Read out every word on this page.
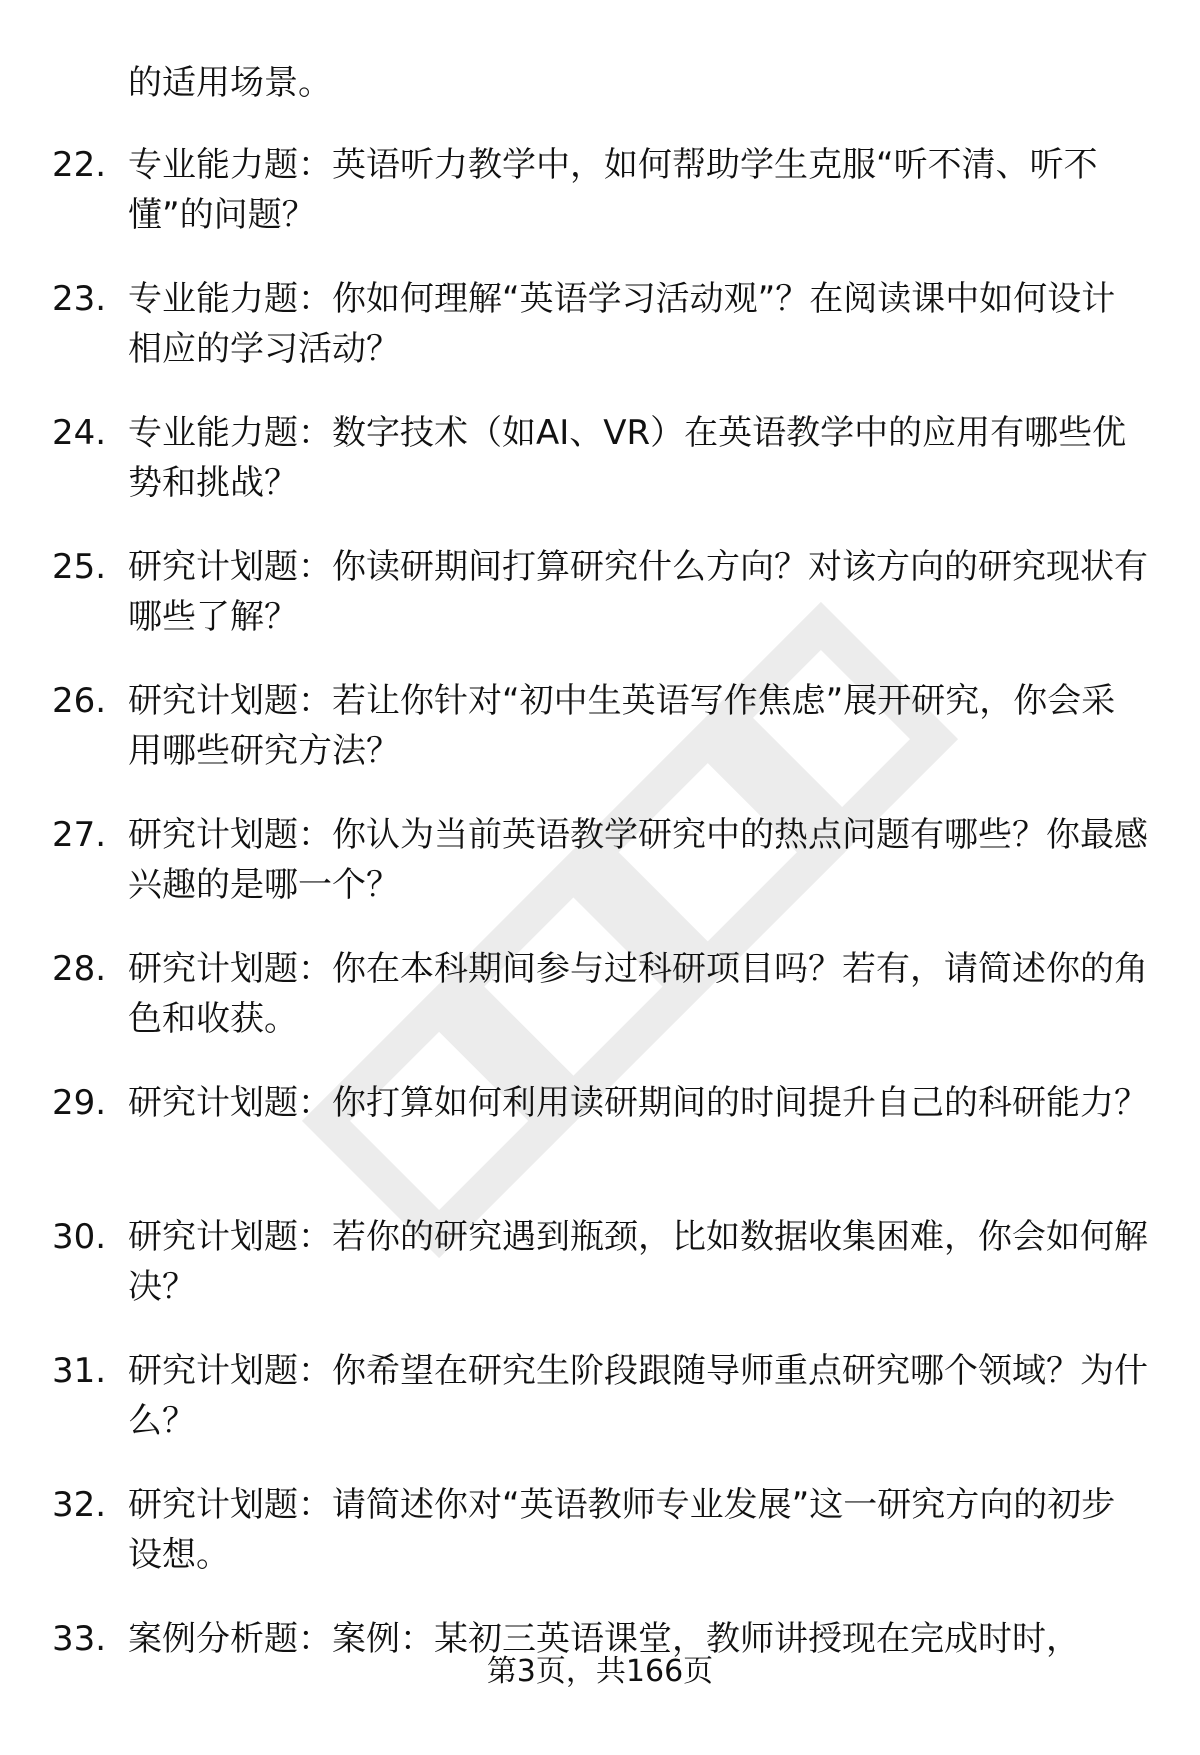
的适用场景。

22. 专业能力题：英语听力教学中，如何帮助学生克服“听不清、听不懂”的问题？

23. 专业能力题：你如何理解“英语学习活动观”？在阅读课中如何设计相应的学习活动？

24. 专业能力题：数字技术（如AI、VR）在英语教学中的应用有哪些优势和挑战？

25. 研究计划题：你读研期间打算研究什么方向？对该方向的研究现状有哪些了解？

26. 研究计划题：若让你针对“初中生英语写作焦虑”展开研究，你会采用哪些研究方法？

27. 研究计划题：你认为当前英语教学研究中的热点问题有哪些？你最感兴趣的是哪一个？

28. 研究计划题：你在本科期间参与过科研项目吗？若有，请简述你的角色和收获。

29. 研究计划题：你打算如何利用读研期间的时间提升自己的科研能力？

30. 研究计划题：若你的研究遇到瓶颈，比如数据收集困难，你会如何解决？

31. 研究计划题：你希望在研究生阶段跟随导师重点研究哪个领域？为什么？

32. 研究计划题：请简述你对“英语教师专业发展”这一研究方向的初步设想。

33. 案例分析题：案例：某初三英语课堂，教师讲授现在完成时时，

第3页，共166页
